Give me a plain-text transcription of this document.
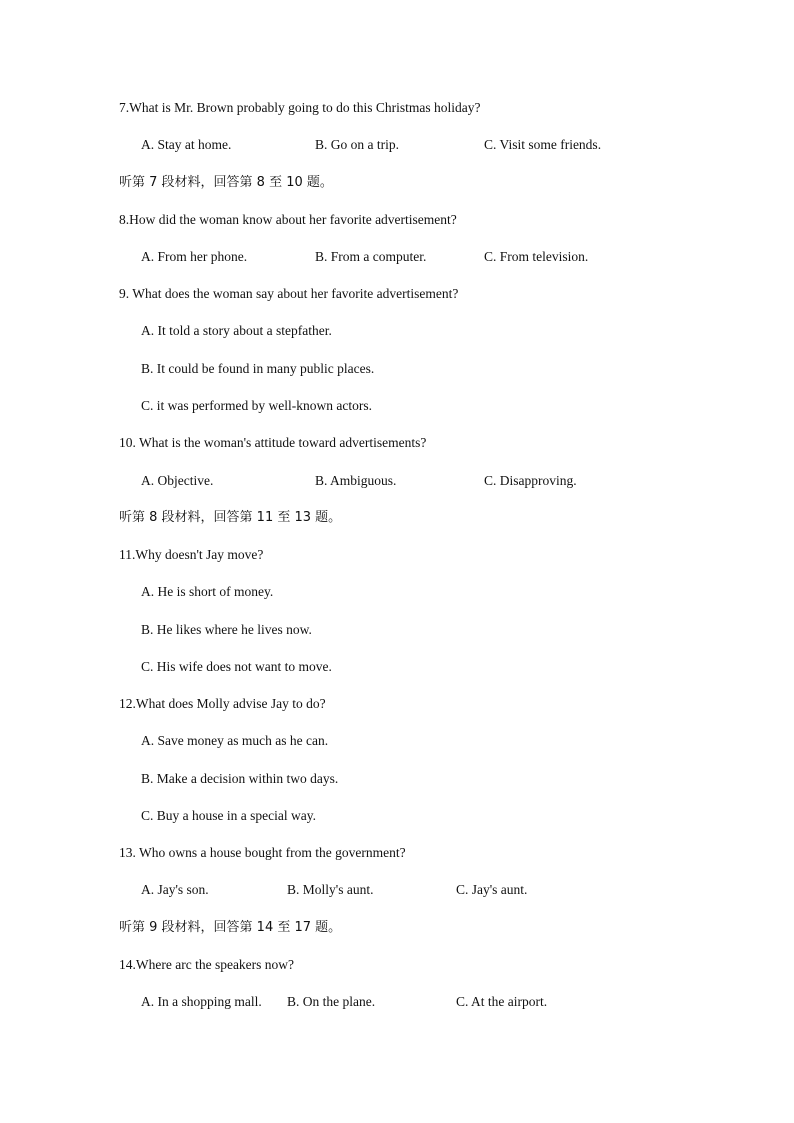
7.What is Mr. Brown probably going to do this Christmas holiday?
A. Stay at home.	B. Go on a trip.	C. Visit some friends.
听第 7 段材料，回答第 8 至 10 题。
8.How did the woman know about her favorite advertisement?
A. From her phone.	B. From a computer.	C. From television.
9. What does the woman say about her favorite advertisement?
A. It told a story about a stepfather.
B. It could be found in many public places.
C. it was performed by well-known actors.
10. What is the woman's attitude toward advertisements?
A. Objective.	B. Ambiguous.	C. Disapproving.
听第 8 段材料，回答第 11 至 13 题。
11.Why doesn't Jay move?
A. He is short of money.
B. He likes where he lives now.
C. His wife does not want to move.
12.What does Molly advise Jay to do?
A. Save money as much as he can.
B. Make a decision within two days.
C. Buy a house in a special way.
13. Who owns a house bought from the government?
A. Jay's son.	B. Molly's aunt.	C. Jay's aunt.
听第 9 段材料，回答第 14 至 17 题。
14.Where arc the speakers now?
A. In a shopping mall. B. On the plane.	C. At the airport.
